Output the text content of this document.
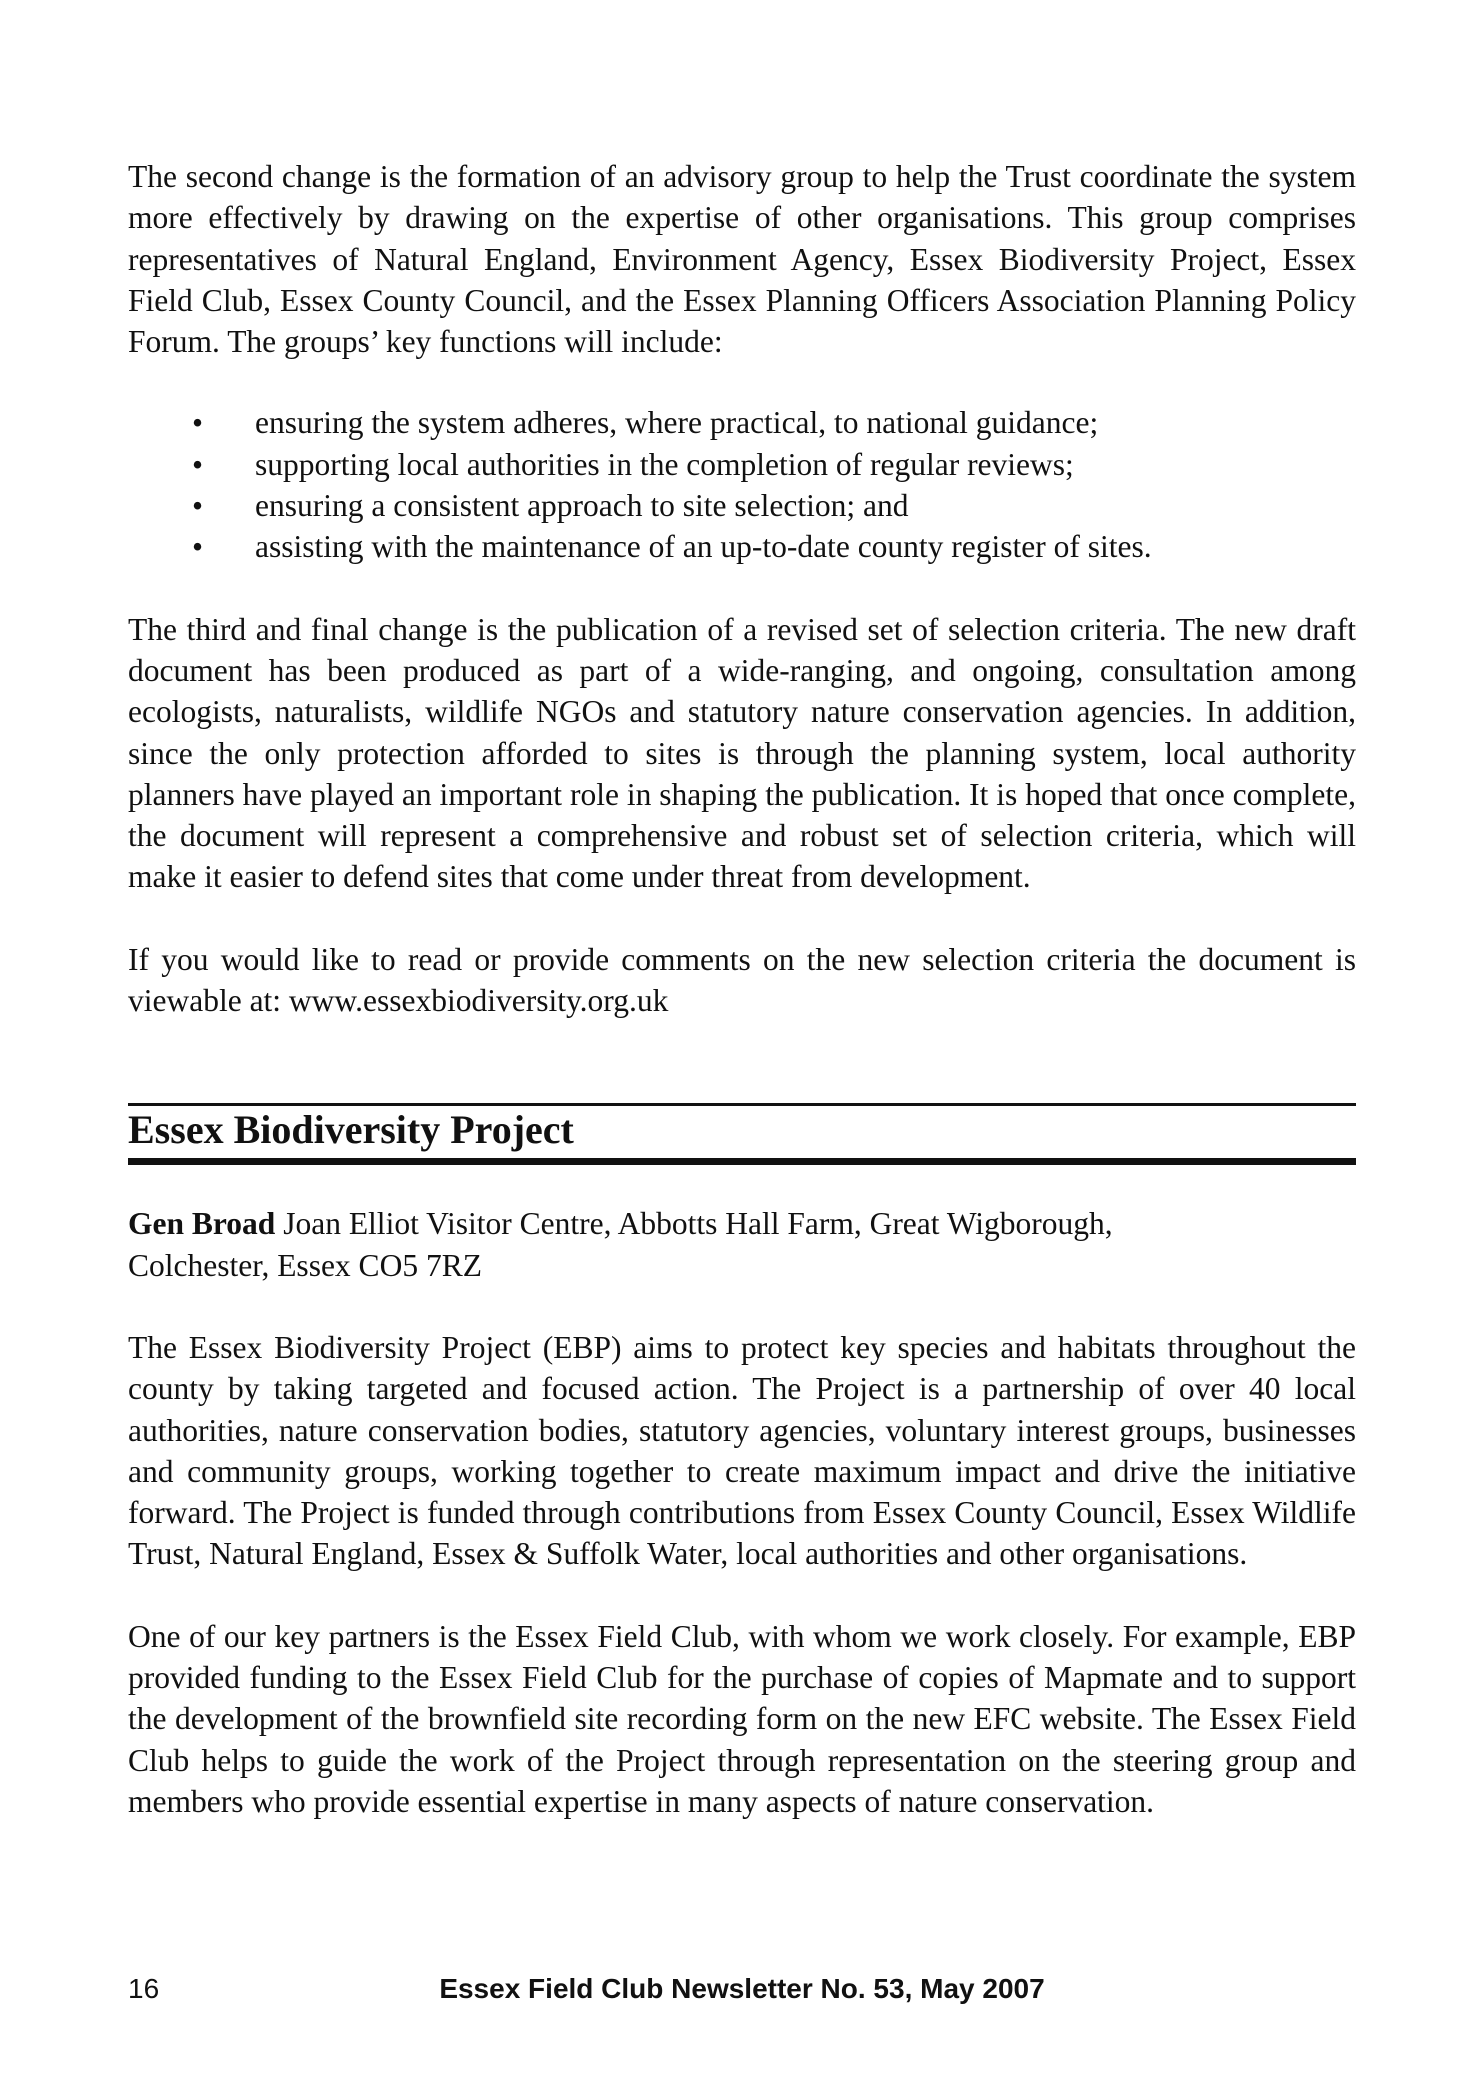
The second change is the formation of an advisory group to help the Trust coordinate the system more effectively by drawing on the expertise of other organisations. This group comprises representatives of Natural England, Environment Agency, Essex Biodiversity Project, Essex Field Club, Essex County Council, and the Essex Planning Officers Association Planning Policy Forum. The groups’ key functions will include:

• ensuring the system adheres, where practical, to national guidance;
• supporting local authorities in the completion of regular reviews;
• ensuring a consistent approach to site selection; and
• assisting with the maintenance of an up-to-date county register of sites.

The third and final change is the publication of a revised set of selection criteria. The new draft document has been produced as part of a wide-ranging, and ongoing, consultation among ecologists, naturalists, wildlife NGOs and statutory nature conservation agencies. In addition, since the only protection afforded to sites is through the planning system, local authority planners have played an important role in shaping the publication. It is hoped that once complete, the document will represent a comprehensive and robust set of selection criteria, which will make it easier to defend sites that come under threat from development.

If you would like to read or provide comments on the new selection criteria the document is viewable at: www.essexbiodiversity.org.uk

Essex Biodiversity Project

Gen Broad Joan Elliot Visitor Centre, Abbotts Hall Farm, Great Wigborough,
Colchester, Essex CO5 7RZ

The Essex Biodiversity Project (EBP) aims to protect key species and habitats throughout the county by taking targeted and focused action. The Project is a partnership of over 40 local authorities, nature conservation bodies, statutory agencies, voluntary interest groups, businesses and community groups, working together to create maximum impact and drive the initiative forward. The Project is funded through contributions from Essex County Council, Essex Wildlife Trust, Natural England, Essex & Suffolk Water, local authorities and other organisations.

One of our key partners is the Essex Field Club, with whom we work closely. For example, EBP provided funding to the Essex Field Club for the purchase of copies of Mapmate and to support the development of the brownfield site recording form on the new EFC website. The Essex Field Club helps to guide the work of the Project through representation on the steering group and members who provide essential expertise in many aspects of nature conservation.

16	Essex Field Club Newsletter No. 53, May 2007
